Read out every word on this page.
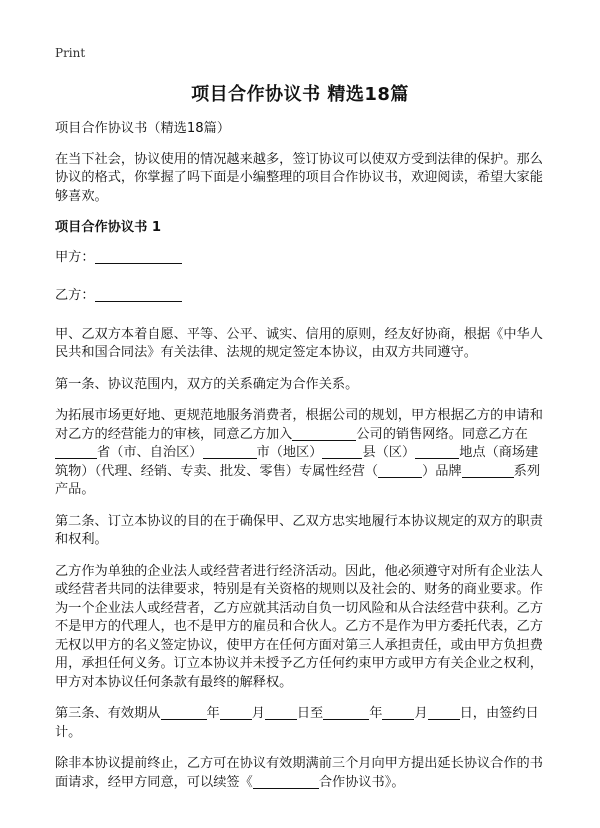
Print
项目合作协议书 精选18篇

项目合作协议书（精选18篇）

在当下社会，协议使用的情况越来越多，签订协议可以使双方受到法律的保护。那么协议的格式，你掌握了吗下面是小编整理的项目合作协议书，欢迎阅读，希望大家能够喜欢。

项目合作协议书 1

甲方：

乙方：

甲、乙双方本着自愿、平等、公平、诚实、信用的原则，经友好协商，根据《中华人民共和国合同法》有关法律、法规的规定签定本协议，由双方共同遵守。

第一条、协议范围内，双方的关系确定为合作关系。

为拓展市场更好地、更规范地服务消费者，根据公司的规划，甲方根据乙方的申请和对乙方的经营能力的审核，同意乙方加入	公司的销售网络。同意乙方在省（市、自治区）	市（地区）	县（区）	地点（商场建筑物）（代理、经销、专卖、批发、零售）专属性经营（	）品牌	系列产品。

第二条、订立本协议的目的在于确保甲、乙双方忠实地履行本协议规定的双方的职责和权利。

乙方作为单独的企业法人或经营者进行经济活动。因此，他必须遵守对所有企业法人或经营者共同的法律要求，特别是有关资格的规则以及社会的、财务的商业要求。作为一个企业法人或经营者，乙方应就其活动自负一切风险和从合法经营中获利。乙方不是甲方的代理人，也不是甲方的雇员和合伙人。乙方不是作为甲方委托代表，乙方无权以甲方的名义签定协议，使甲方在任何方面对第三人承担责任，或由甲方负担费用，承担任何义务。订立本协议并未授予乙方任何约束甲方或甲方有关企业之权利，甲方对本协议任何条款有最终的解释权。

第三条、有效期从	年 月 日至	年 月 日，由签约日计。

除非本协议提前终止，乙方可在协议有效期满前三个月向甲方提出延长协议合作的书面请求，经甲方同意，可以续签《	合作协议书》。
